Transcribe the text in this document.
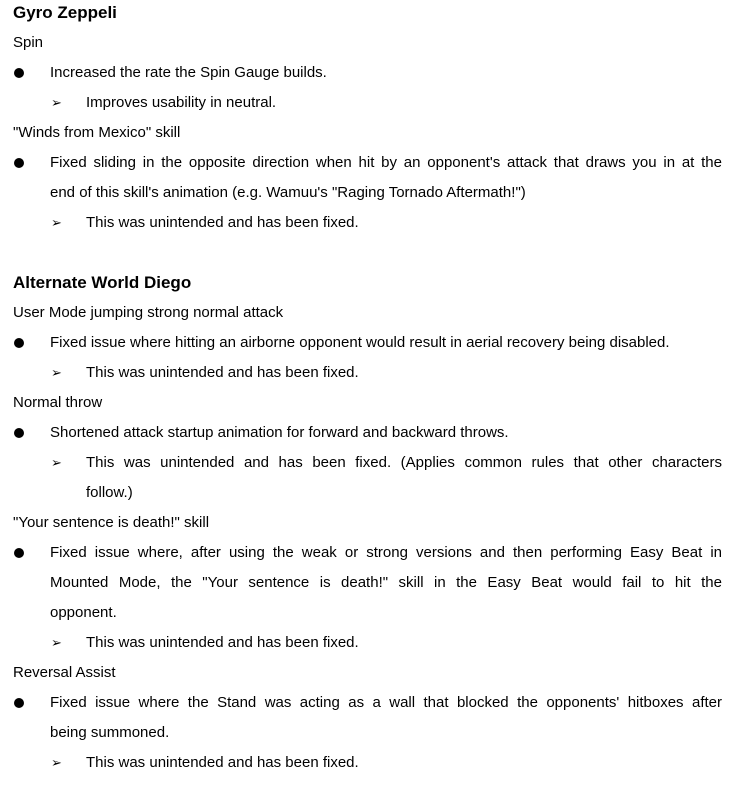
Gyro Zeppeli
Spin
Increased the rate the Spin Gauge builds.
➢ Improves usability in neutral.
"Winds from Mexico" skill
Fixed sliding in the opposite direction when hit by an opponent's attack that draws you in at the
end of this skill's animation (e.g. Wamuu's "Raging Tornado Aftermath!")
➢ This was unintended and has been fixed.
Alternate World Diego
User Mode jumping strong normal attack
Fixed issue where hitting an airborne opponent would result in aerial recovery being disabled.
➢ This was unintended and has been fixed.
Normal throw
Shortened attack startup animation for forward and backward throws.
➢ This was unintended and has been fixed. (Applies common rules that other characters
follow.)
"Your sentence is death!" skill
Fixed issue where, after using the weak or strong versions and then performing Easy Beat in
Mounted Mode, the "Your sentence is death!" skill in the Easy Beat would fail to hit the
opponent.
➢ This was unintended and has been fixed.
Reversal Assist
Fixed issue where the Stand was acting as a wall that blocked the opponents' hitboxes after
being summoned.
➢ This was unintended and has been fixed.
